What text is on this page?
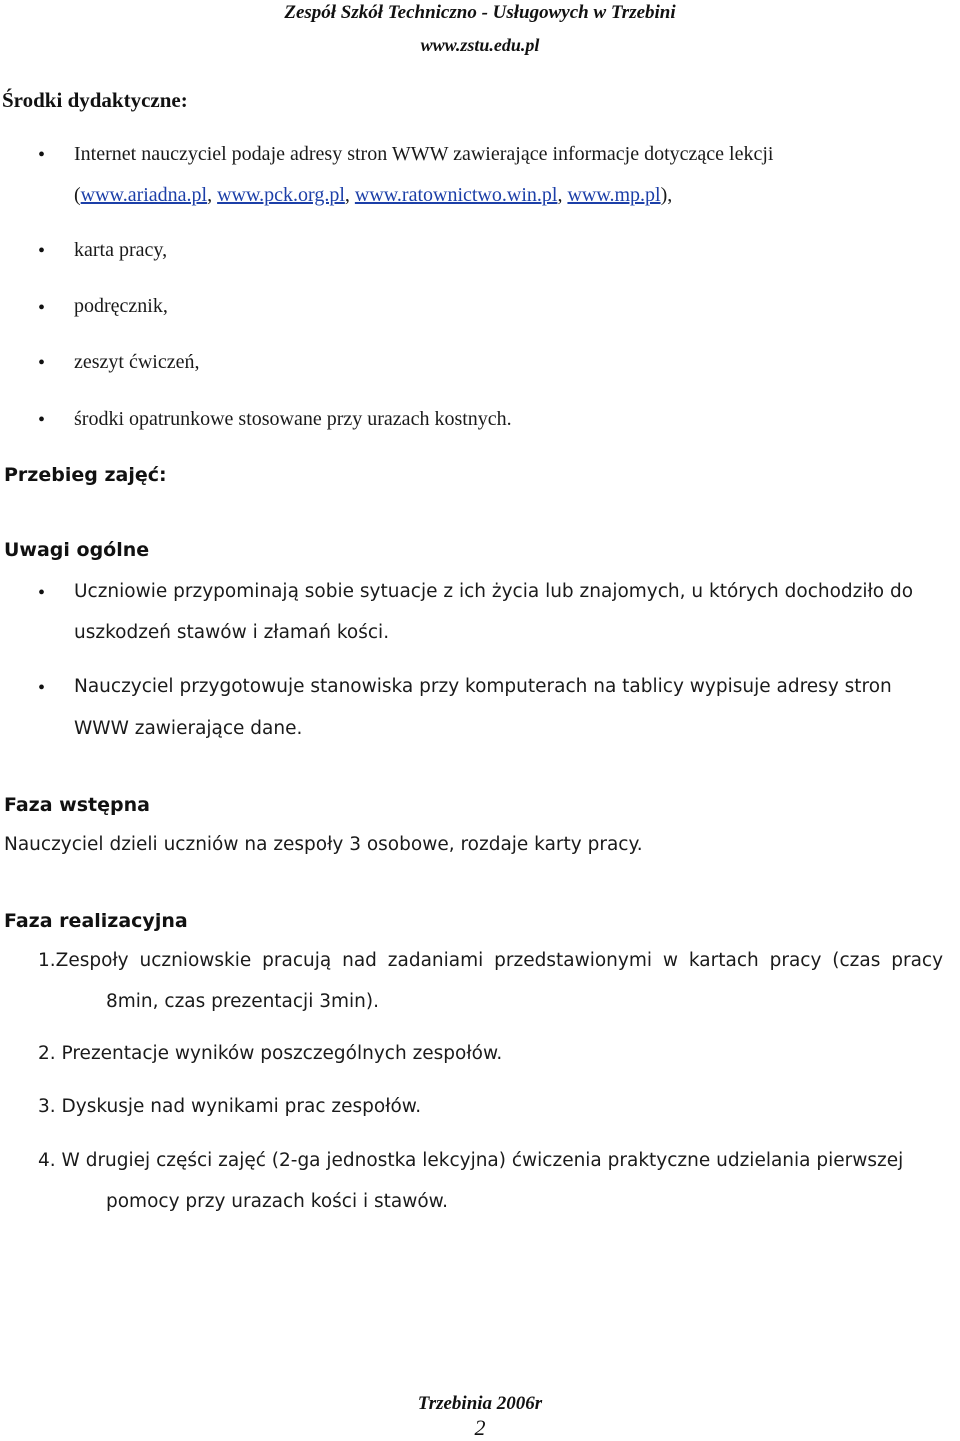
Zespół Szkół Techniczno - Usługowych w Trzebini
www.zstu.edu.pl
Środki dydaktyczne:
• Internet nauczyciel podaje adresy stron WWW zawierające informacje dotyczące lekcji
(www.ariadna.pl, www.pck.org.pl, www.ratownictwo.win.pl, www.mp.pl),
• karta pracy,
• podręcznik,
• zeszyt ćwiczeń,
• środki opatrunkowe stosowane przy urazach kostnych.
Przebieg zajęć:
Uwagi ogólne
• Uczniowie przypominają sobie sytuacje z ich życia lub znajomych, u których dochodziło do
uszkodzeń stawów i złamań kości.
• Nauczyciel przygotowuje stanowiska przy komputerach na tablicy wypisuje adresy stron
WWW zawierające dane.
Faza wstępna
Nauczyciel dzieli uczniów na zespoły 3 osobowe, rozdaje karty pracy.
Faza realizacyjna
1.Zespoły uczniowskie pracują nad zadaniami przedstawionymi w kartach pracy (czas pracy
8min, czas prezentacji 3min).
2. Prezentacje wyników poszczególnych zespołów.
3. Dyskusje nad wynikami prac zespołów.
4. W drugiej części zajęć (2-ga jednostka lekcyjna) ćwiczenia praktyczne udzielania pierwszej
pomocy przy urazach kości i stawów.
Trzebinia 2006r
2
